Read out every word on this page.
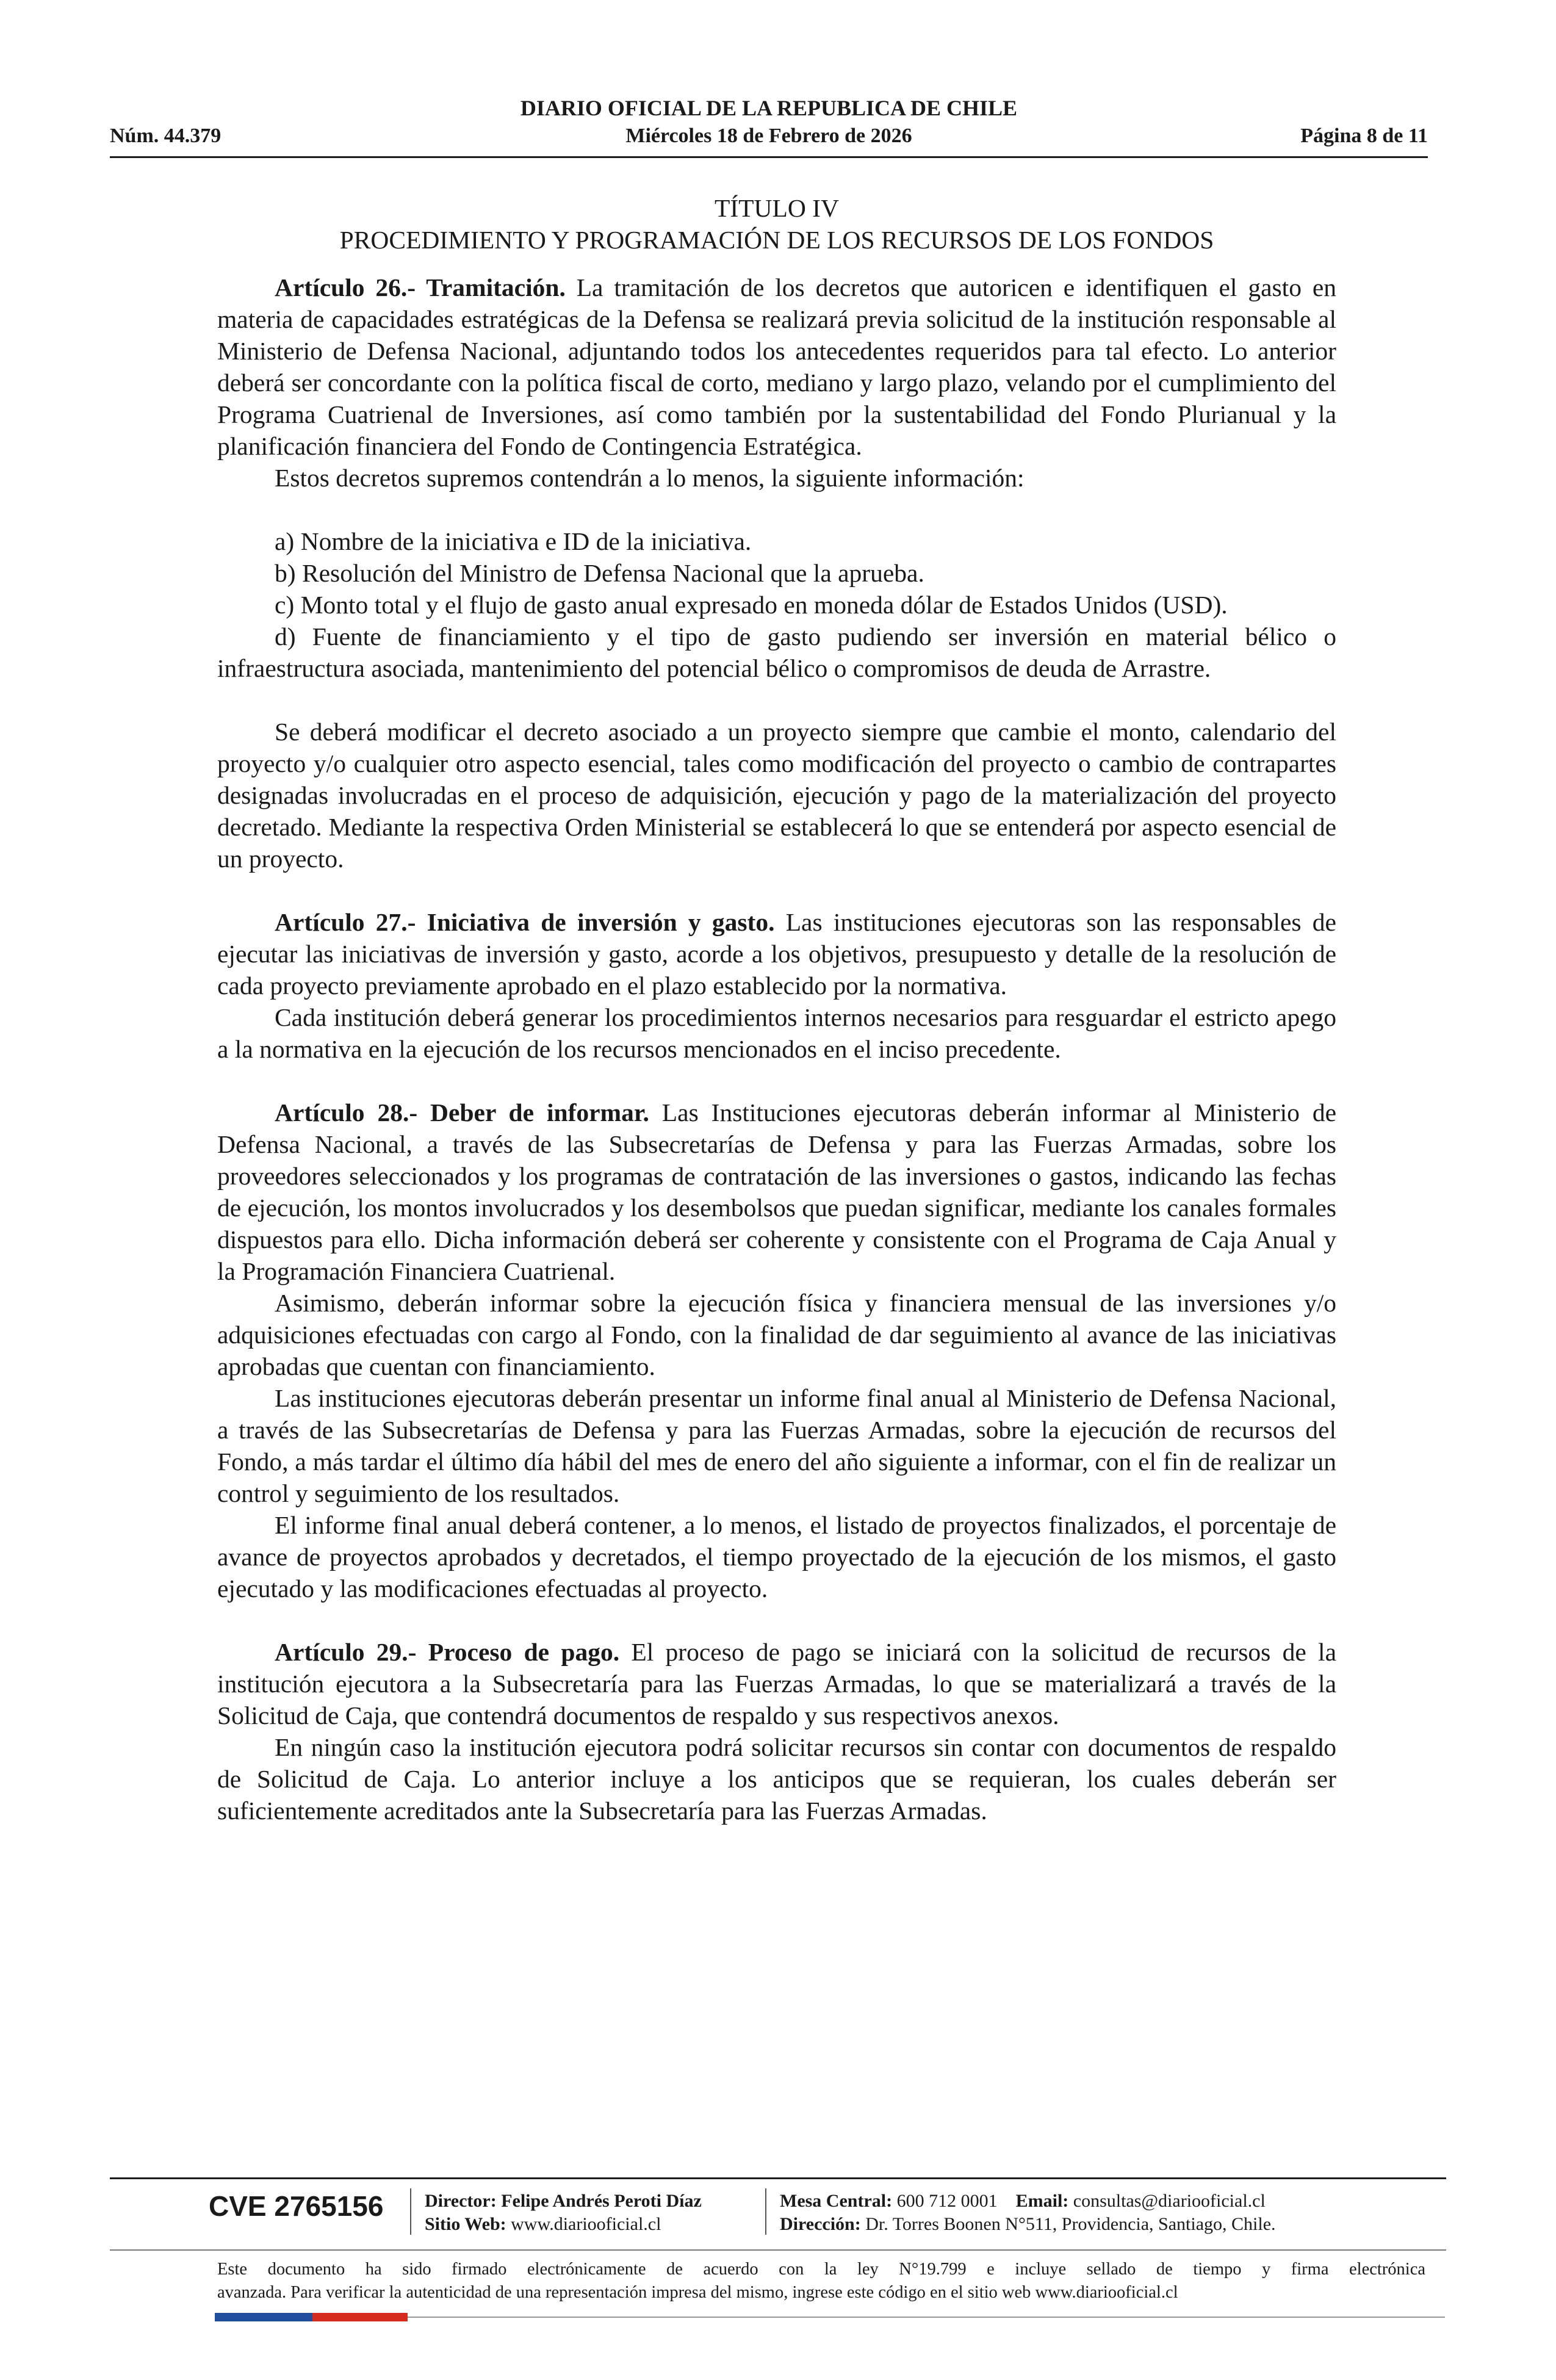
DIARIO OFICIAL DE LA REPUBLICA DE CHILE
Núm. 44.379	Miércoles 18 de Febrero de 2026	Página 8 de 11
TÍTULO IV
PROCEDIMIENTO Y PROGRAMACIÓN DE LOS RECURSOS DE LOS FONDOS

Artículo 26.- Tramitación. La tramitación de los decretos que autoricen e identifiquen el gasto en materia de capacidades estratégicas de la Defensa se realizará previa solicitud de la institución responsable al Ministerio de Defensa Nacional, adjuntando todos los antecedentes requeridos para tal efecto. Lo anterior deberá ser concordante con la política fiscal de corto, mediano y largo plazo, velando por el cumplimiento del Programa Cuatrienal de Inversiones, así como también por la sustentabilidad del Fondo Plurianual y la planificación financiera del Fondo de Contingencia Estratégica.

Estos decretos supremos contendrán a lo menos, la siguiente información:

a) Nombre de la iniciativa e ID de la iniciativa.

b) Resolución del Ministro de Defensa Nacional que la aprueba.

c) Monto total y el flujo de gasto anual expresado en moneda dólar de Estados Unidos (USD).

d) Fuente de financiamiento y el tipo de gasto pudiendo ser inversión en material bélico o infraestructura asociada, mantenimiento del potencial bélico o compromisos de deuda de Arrastre.

Se deberá modificar el decreto asociado a un proyecto siempre que cambie el monto, calendario del proyecto y/o cualquier otro aspecto esencial, tales como modificación del proyecto o cambio de contrapartes designadas involucradas en el proceso de adquisición, ejecución y pago de la materialización del proyecto decretado. Mediante la respectiva Orden Ministerial se establecerá lo que se entenderá por aspecto esencial de un proyecto.

Artículo 27.- Iniciativa de inversión y gasto. Las instituciones ejecutoras son las responsables de ejecutar las iniciativas de inversión y gasto, acorde a los objetivos, presupuesto y detalle de la resolución de cada proyecto previamente aprobado en el plazo establecido por la normativa.

Cada institución deberá generar los procedimientos internos necesarios para resguardar el estricto apego a la normativa en la ejecución de los recursos mencionados en el inciso precedente.

Artículo 28.- Deber de informar. Las Instituciones ejecutoras deberán informar al Ministerio de Defensa Nacional, a través de las Subsecretarías de Defensa y para las Fuerzas Armadas, sobre los proveedores seleccionados y los programas de contratación de las inversiones o gastos, indicando las fechas de ejecución, los montos involucrados y los desembolsos que puedan significar, mediante los canales formales dispuestos para ello. Dicha información deberá ser coherente y consistente con el Programa de Caja Anual y la Programación Financiera Cuatrienal.

Asimismo, deberán informar sobre la ejecución física y financiera mensual de las inversiones y/o adquisiciones efectuadas con cargo al Fondo, con la finalidad de dar seguimiento al avance de las iniciativas aprobadas que cuentan con financiamiento.

Las instituciones ejecutoras deberán presentar un informe final anual al Ministerio de Defensa Nacional, a través de las Subsecretarías de Defensa y para las Fuerzas Armadas, sobre la ejecución de recursos del Fondo, a más tardar el último día hábil del mes de enero del año siguiente a informar, con el fin de realizar un control y seguimiento de los resultados.

El informe final anual deberá contener, a lo menos, el listado de proyectos finalizados, el porcentaje de avance de proyectos aprobados y decretados, el tiempo proyectado de la ejecución de los mismos, el gasto ejecutado y las modificaciones efectuadas al proyecto.

Artículo 29.- Proceso de pago. El proceso de pago se iniciará con la solicitud de recursos de la institución ejecutora a la Subsecretaría para las Fuerzas Armadas, lo que se materializará a través de la Solicitud de Caja, que contendrá documentos de respaldo y sus respectivos anexos.

En ningún caso la institución ejecutora podrá solicitar recursos sin contar con documentos de respaldo de Solicitud de Caja. Lo anterior incluye a los anticipos que se requieran, los cuales deberán ser suficientemente acreditados ante la Subsecretaría para las Fuerzas Armadas.

CVE 2765156 Director: Felipe Andrés Peroti Díaz
Sitio Web: www.diariooficial.cl
Mesa Central: 600 712 0001 Email: consultas@diariooficial.cl
Dirección: Dr. Torres Boonen N°511, Providencia, Santiago, Chile.
Este documento ha sido firmado electrónicamente de acuerdo con la ley N°19.799 e incluye sellado de tiempo y firma electrónica
avanzada. Para verificar la autenticidad de una representación impresa del mismo, ingrese este código en el sitio web www.diariooficial.cl
